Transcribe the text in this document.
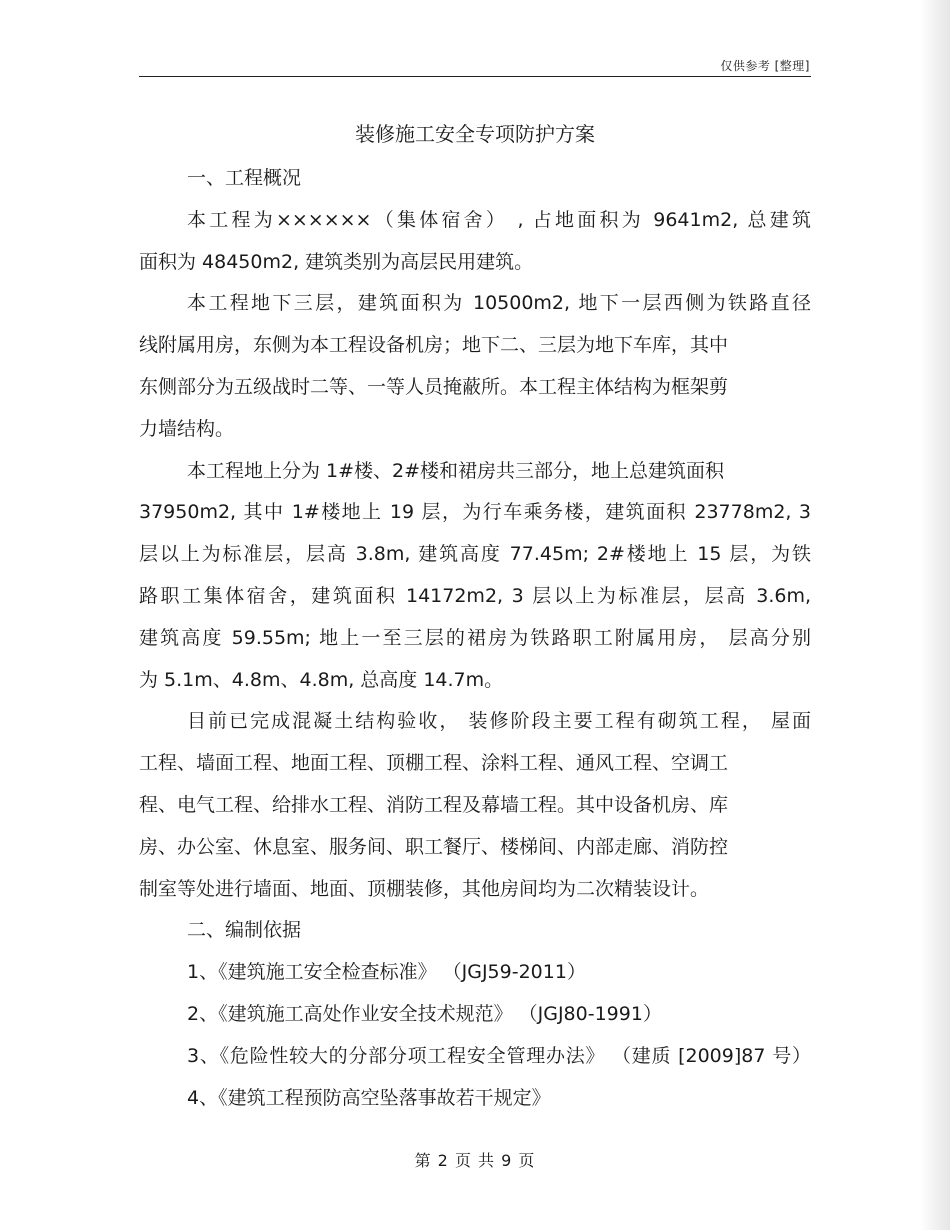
仅供参考 [整理]
装修施工安全专项防护方案
一、工程概况
本工程为××××××（集体宿舍） , 占地面积为 9641m2, 总建筑
面积为 48450m2, 建筑类别为高层民用建筑。
本工程地下三层，建筑面积为 10500m2, 地下一层西侧为铁路直径
线附属用房，东侧为本工程设备机房；地下二、三层为地下车库，其中
东侧部分为五级战时二等、一等人员掩蔽所。本工程主体结构为框架剪
力墙结构。
本工程地上分为 1#楼、2#楼和裙房共三部分，地上总建筑面积
37950m2, 其中 1#楼地上 19 层，为行车乘务楼，建筑面积 23778m2, 3
层以上为标准层，层高 3.8m, 建筑高度 77.45m; 2#楼地上 15 层，为铁
路职工集体宿舍，建筑面积 14172m2, 3 层以上为标准层，层高 3.6m,
建筑高度 59.55m; 地上一至三层的裙房为铁路职工附属用房， 层高分别
为 5.1m、4.8m、4.8m, 总高度 14.7m。
目前已完成混凝土结构验收， 装修阶段主要工程有砌筑工程， 屋面
工程、墙面工程、地面工程、顶棚工程、涂料工程、通风工程、空调工
程、电气工程、给排水工程、消防工程及幕墙工程。其中设备机房、库
房、办公室、休息室、服务间、职工餐厅、楼梯间、内部走廊、消防控
制室等处进行墙面、地面、顶棚装修，其他房间均为二次精装设计。
二、编制依据
1、《建筑施工安全检查标准》 （JGJ59-2011）
2、《建筑施工高处作业安全技术规范》 （JGJ80-1991）
3、《危险性较大的分部分项工程安全管理办法》 （建质 [2009]87 号）
4、《建筑工程预防高空坠落事故若干规定》
第 2 页 共 9 页
